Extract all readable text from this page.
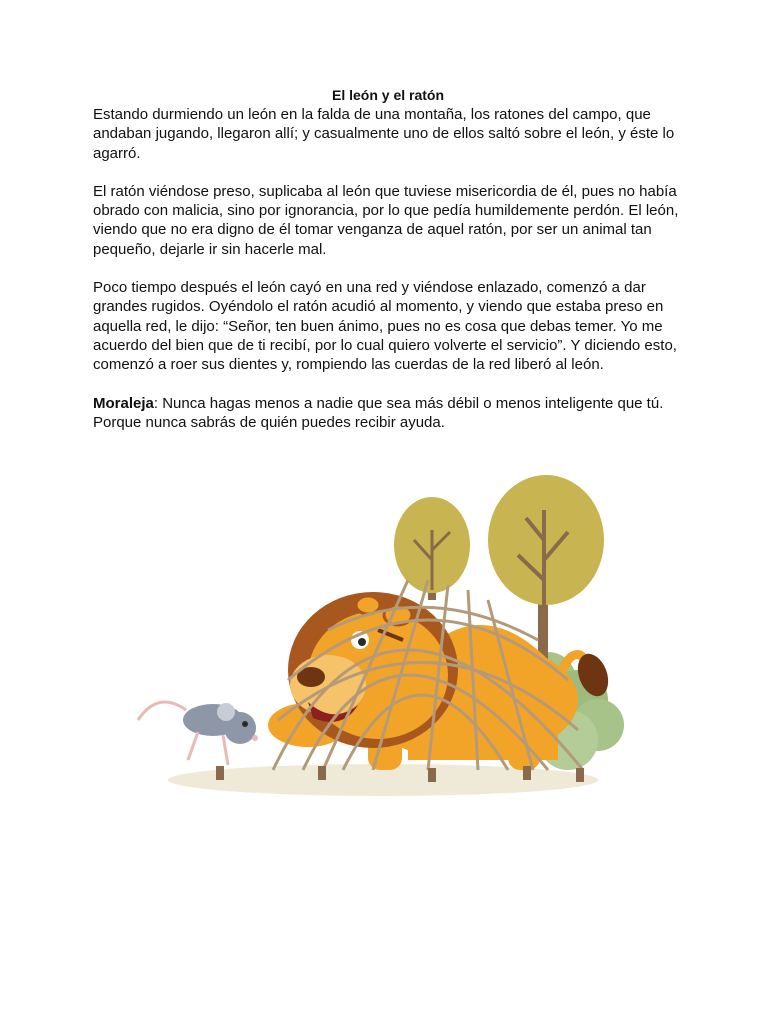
El león y el ratón

Estando durmiendo un león en la falda de una montaña, los ratones del campo, que andaban jugando, llegaron allí; y casualmente uno de ellos saltó sobre el león, y éste lo agarró.

El ratón viéndose preso, suplicaba al león que tuviese misericordia de él, pues no había obrado con malicia, sino por ignorancia, por lo que pedía humildemente perdón. El león, viendo que no era digno de él tomar venganza de aquel ratón, por ser un animal tan pequeño, dejarle ir sin hacerle mal.

Poco tiempo después el león cayó en una red y viéndose enlazado, comenzó a dar grandes rugidos. Oyéndolo el ratón acudió al momento, y viendo que estaba preso en aquella red, le dijo: “Señor, ten buen ánimo, pues no es cosa que debas temer. Yo me acuerdo del bien que de ti recibí, por lo cual quiero volverte el servicio”. Y diciendo esto, comenzó a roer sus dientes y, rompiendo las cuerdas de la red liberó al león.

Moraleja: Nunca hagas menos a nadie que sea más débil o menos inteligente que tú. Porque nunca sabrás de quién puedes recibir ayuda.
